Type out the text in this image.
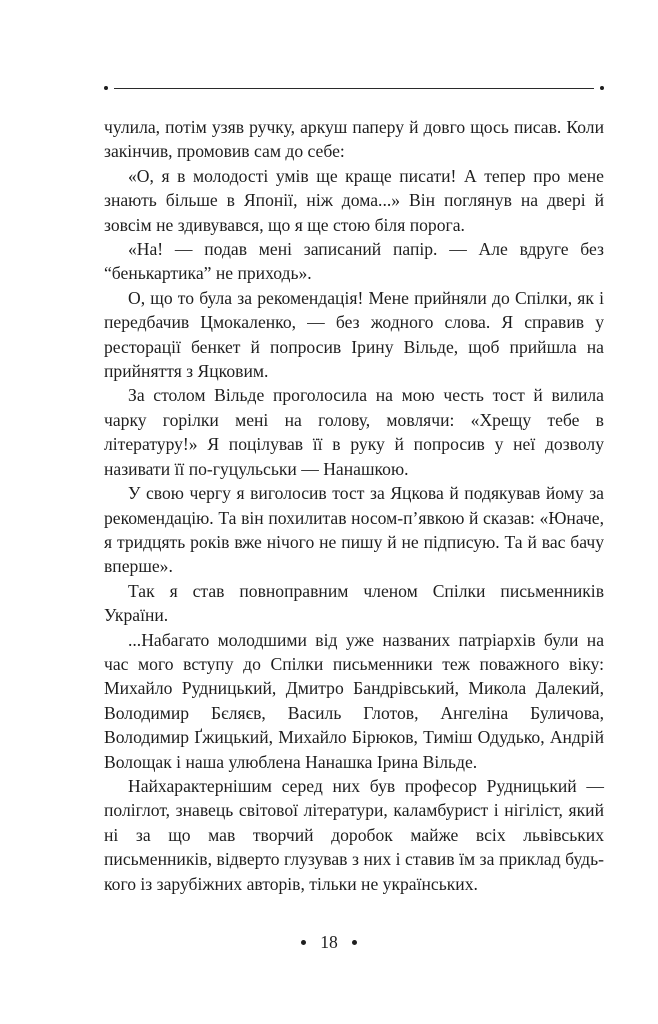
чулила, потім узяв ручку, аркуш паперу й довго щось писав. Коли закінчив, промовив сам до себе:

«О, я в молодості умів ще краще писати! А тепер про мене знають більше в Японії, ніж дома...» Він поглянув на двері й зовсім не здивувався, що я ще стою біля порога.

«На! — подав мені записаний папір. — Але вдруге без “бенькартика” не приходь».

О, що то була за рекомендація! Мене прийняли до Спілки, як і передбачив Цмокаленко, — без жодного слова. Я справив у ресторації бенкет й попросив Ірину Вільде, щоб прийшла на прийняття з Яцковим.

За столом Вільде проголосила на мою честь тост й вилила чарку горілки мені на голову, мовлячи: «Хрещу тебе в літературу!» Я поцілував її в руку й попросив у неї дозволу називати її по-гуцульськи — Нанашкою.

У свою чергу я виголосив тост за Яцкова й подякував йому за рекомендацію. Та він похилитав носом-п’явкою й сказав: «Юначе, я тридцять років вже нічого не пишу й не підписую. Та й вас бачу вперше».

Так я став повноправним членом Спілки письменників України.

...Набагато молодшими від уже названих патріархів були на час мого вступу до Спілки письменники теж поважного віку: Михайло Рудницький, Дмитро Бандрівський, Микола Далекий, Володимир Бєляєв, Василь Глотов, Ангеліна Буличова, Володимир Ґжицький, Михайло Бірюков, Тиміш Одудько, Андрій Волощак і наша улюблена Нанашка Ірина Вільде.

Найхарактернішим серед них був професор Рудницький — поліглот, знавець світової літератури, каламбурист і нігіліст, який ні за що мав творчий доробок майже всіх львівських письменників, відверто глузував з них і ставив їм за приклад будь-кого із зарубіжних авторів, тільки не українських.

18
